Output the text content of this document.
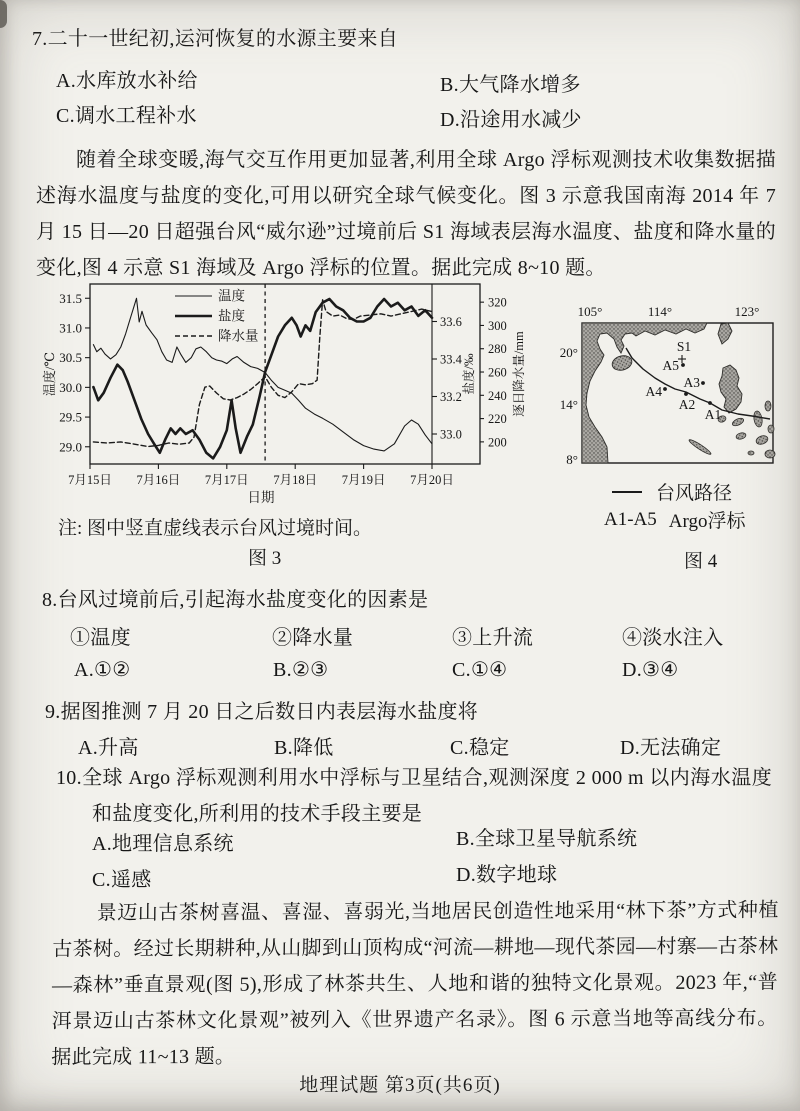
7.二十一世纪初,运河恢复的水源主要来自
A.水库放水补给	B.大气降水增多
C.调水工程补水	D.沿途用水减少
随着全球变暖,海气交互作用更加显著,利用全球 Argo 浮标观测技术收集数据描述海水温度与盐度的变化,可用以研究全球气候变化。图 3 示意我国南海 2014 年 7 月 15 日—20 日超强台风“威尔逊”过境前后 S1 海域表层海水温度、盐度和降水量的变化,图 4 示意 S1 海域及 Argo 浮标的位置。据此完成 8~10 题。
29.0
29.5
30.0
30.5
31.0
31.5
33.0
33.2
33.4
33.6
200
220
240
260
280
300
320
7月15日 7月16日 7月17日 7月18日 7月19日 7月20日
日期
温度/℃	盐度/‰	逐日降水量/mm
温度
盐度
降水量
注: 图中竖直虚线表示台风过境时间。
图 3
105°	114°	123°
20°
14°
8°
S1
A5
A3
A4
A2
A1
台风路径
A1-A5 Argo浮标
图 4
8.台风过境前后,引起海水盐度变化的因素是
①温度	②降水量	③上升流	④淡水注入
A.①②	B.②③	C.①④	D.③④
9.据图推测 7 月 20 日之后数日内表层海水盐度将
A.升高	B.降低	C.稳定	D.无法确定
10.全球 Argo 浮标观测利用水中浮标与卫星结合,观测深度 2 000 m 以内海水温度和盐度变化,所利用的技术手段主要是
A.地理信息系统	B.全球卫星导航系统
C.遥感	D.数字地球
景迈山古茶树喜温、喜湿、喜弱光,当地居民创造性地采用“林下茶”方式种植古茶树。经过长期耕种,从山脚到山顶构成“河流—耕地—现代茶园—村寨—古茶林—森林”垂直景观(图 5),形成了林茶共生、人地和谐的独特文化景观。2023 年,“普洱景迈山古茶林文化景观”被列入《世界遗产名录》。图 6 示意当地等高线分布。据此完成 11~13 题。
地理试题 第3页(共6页)
